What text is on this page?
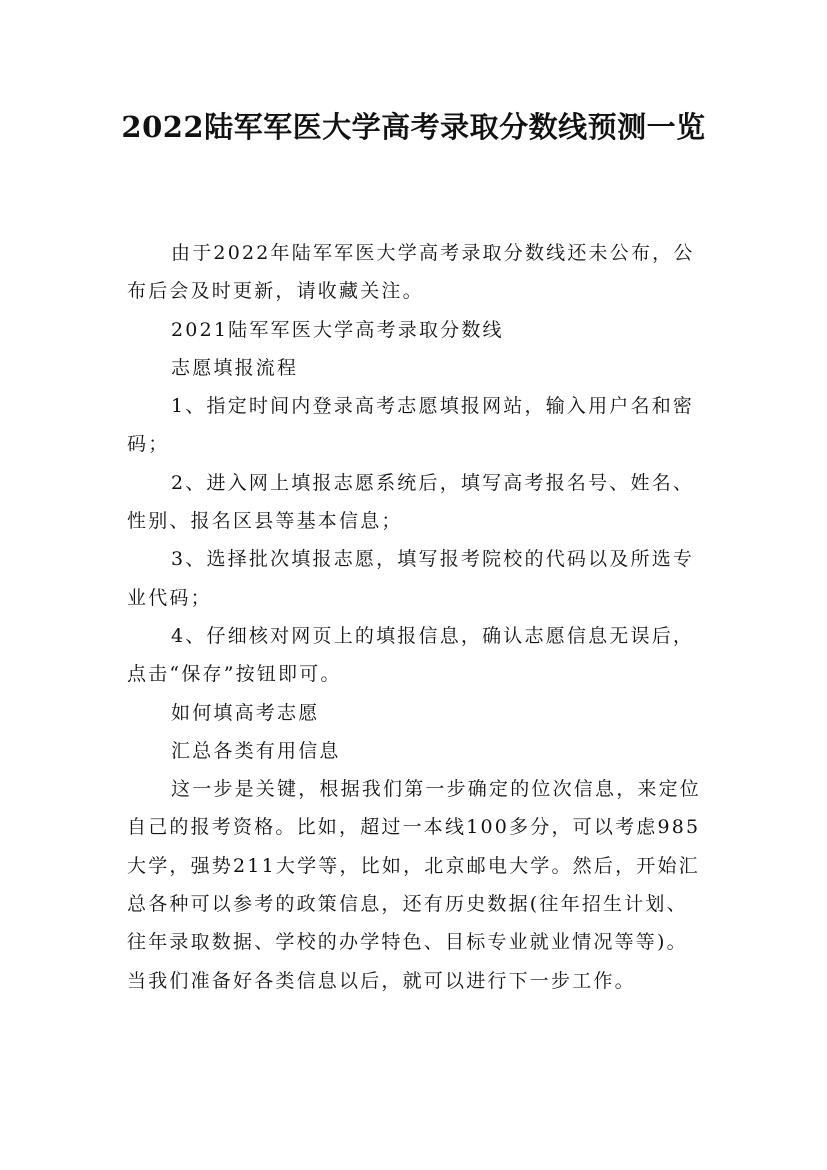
2022陆军军医大学高考录取分数线预测一览

由于2022年陆军军医大学高考录取分数线还未公布，公布后会及时更新，请收藏关注。

2021陆军军医大学高考录取分数线

志愿填报流程

1、指定时间内登录高考志愿填报网站，输入用户名和密码；

2、进入网上填报志愿系统后，填写高考报名号、姓名、性别、报名区县等基本信息；

3、选择批次填报志愿，填写报考院校的代码以及所选专业代码；

4、仔细核对网页上的填报信息，确认志愿信息无误后，点击“保存”按钮即可。

如何填高考志愿

汇总各类有用信息

这一步是关键，根据我们第一步确定的位次信息，来定位自己的报考资格。比如，超过一本线100多分，可以考虑985大学，强势211大学等，比如，北京邮电大学。然后，开始汇总各种可以参考的政策信息，还有历史数据(往年招生计划、往年录取数据、学校的办学特色、目标专业就业情况等等)。当我们准备好各类信息以后，就可以进行下一步工作。
